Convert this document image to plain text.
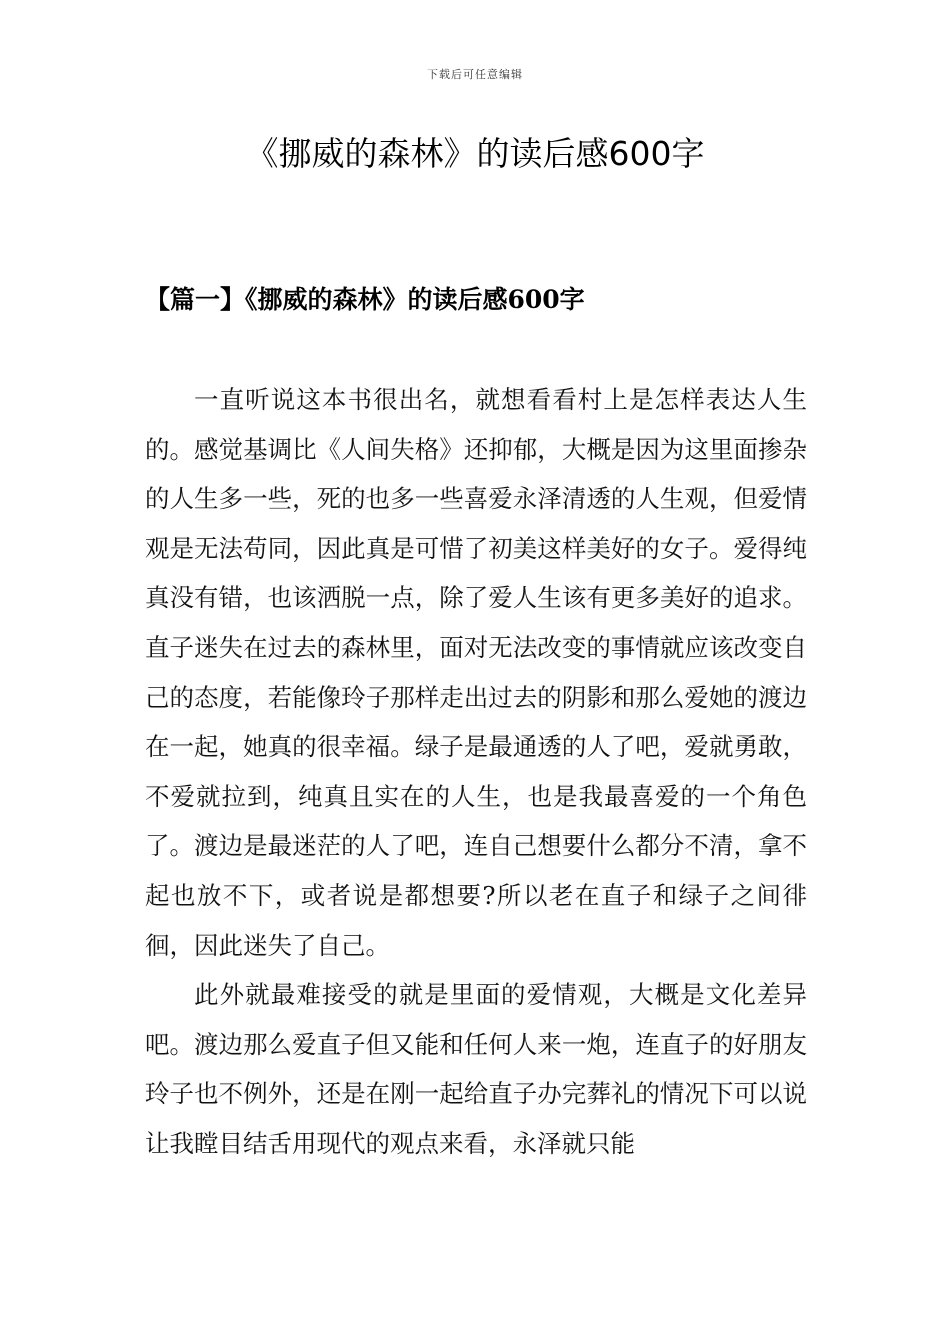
下载后可任意编辑
《挪威的森林》的读后感600字
【篇一】《挪威的森林》的读后感600字

一直听说这本书很出名，就想看看村上是怎样表达人生的。感觉基调比《人间失格》还抑郁，大概是因为这里面掺杂的人生多一些，死的也多一些喜爱永泽清透的人生观，但爱情观是无法苟同，因此真是可惜了初美这样美好的女子。爱得纯真没有错，也该洒脱一点，除了爱人生该有更多美好的追求。直子迷失在过去的森林里，面对无法改变的事情就应该改变自己的态度，若能像玲子那样走出过去的阴影和那么爱她的渡边在一起，她真的很幸福。绿子是最通透的人了吧，爱就勇敢，不爱就拉到，纯真且实在的人生，也是我最喜爱的一个角色了。渡边是最迷茫的人了吧，连自己想要什么都分不清，拿不起也放不下，或者说是都想要?所以老在直子和绿子之间徘徊，因此迷失了自己。

此外就最难接受的就是里面的爱情观，大概是文化差异吧。渡边那么爱直子但又能和任何人来一炮，连直子的好朋友玲子也不例外，还是在刚一起给直子办完葬礼的情况下可以说让我瞠目结舌用现代的观点来看，永泽就只能
